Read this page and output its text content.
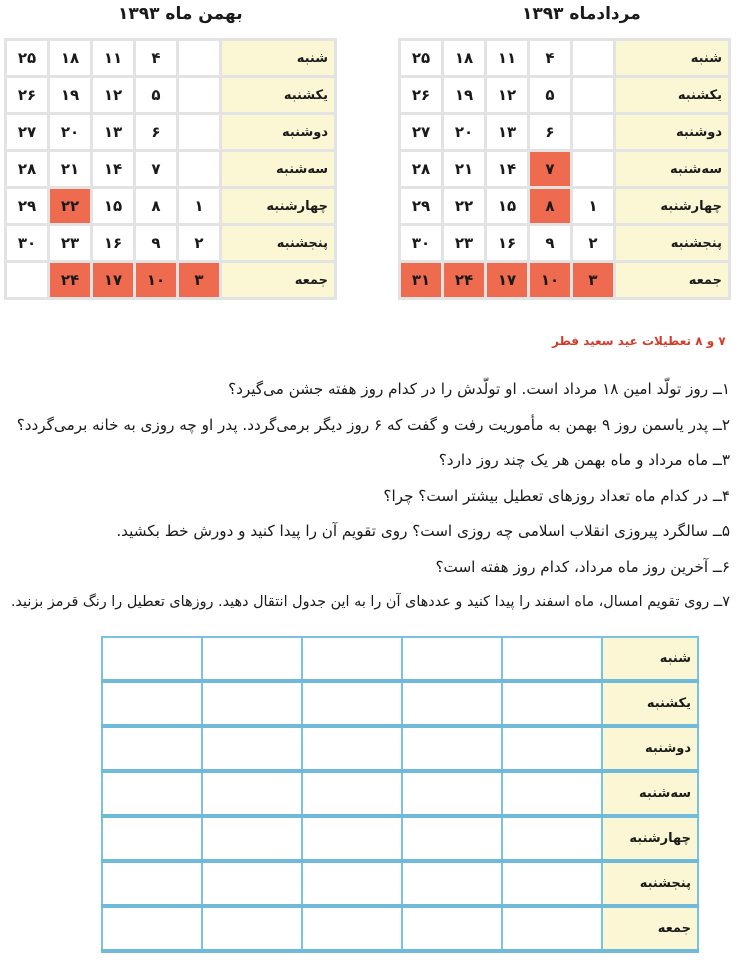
مردادماه ۱۳۹۳
بهمن ماه ۱۳۹۳
شنبه		۴	۱۱	۱۸	۲۵
یکشنبه		۵	۱۲	۱۹	۲۶
دوشنبه		۶	۱۳	۲۰	۲۷
سه‌شنبه		۷	۱۴	۲۱	۲۸
چهارشنبه	۱	۸	۱۵	۲۲	۲۹
پنجشنبه	۲	۹	۱۶	۲۳	۳۰
جمعه	۳	۱۰	۱۷	۲۴	۳۱
شنبه		۴	۱۱	۱۸	۲۵
یکشنبه		۵	۱۲	۱۹	۲۶
دوشنبه		۶	۱۳	۲۰	۲۷
سه‌شنبه		۷	۱۴	۲۱	۲۸
چهارشنبه	۱	۸	۱۵	۲۲	۲۹
پنجشنبه	۲	۹	۱۶	۲۳	۳۰
جمعه	۳	۱۰	۱۷	۲۴	
۷ و ۸ تعطیلات عید سعید فطر
۱ــ روز تولّد امین ۱۸ مرداد است. او تولّدش را در کدام روز هفته جشن می‌گیرد؟
۲ــ پدر یاسمن روز ۹ بهمن به مأموریت رفت و گفت که ۶ روز دیگر برمی‌گردد. پدر او چه روزی به خانه برمی‌گردد؟
۳ــ ماه مرداد و ماه بهمن هر یک چند روز دارد؟
۴ــ در کدام ماه تعداد روزهای تعطیل بیشتر است؟ چرا؟
۵ــ سالگرد پیروزی انقلاب اسلامی چه روزی است؟ روی تقویم آن را پیدا کنید و دورش خط بکشید.
۶ــ آخرین روز ماه مرداد، کدام روز هفته است؟
۷ــ روی تقویم امسال، ماه اسفند را پیدا کنید و عددهای آن را به این جدول انتقال دهید. روزهای تعطیل را رنگ قرمز بزنید.
شنبه					
یکشنبه					
دوشنبه					
سه‌شنبه					
چهارشنبه					
پنجشنبه					
جمعه					
